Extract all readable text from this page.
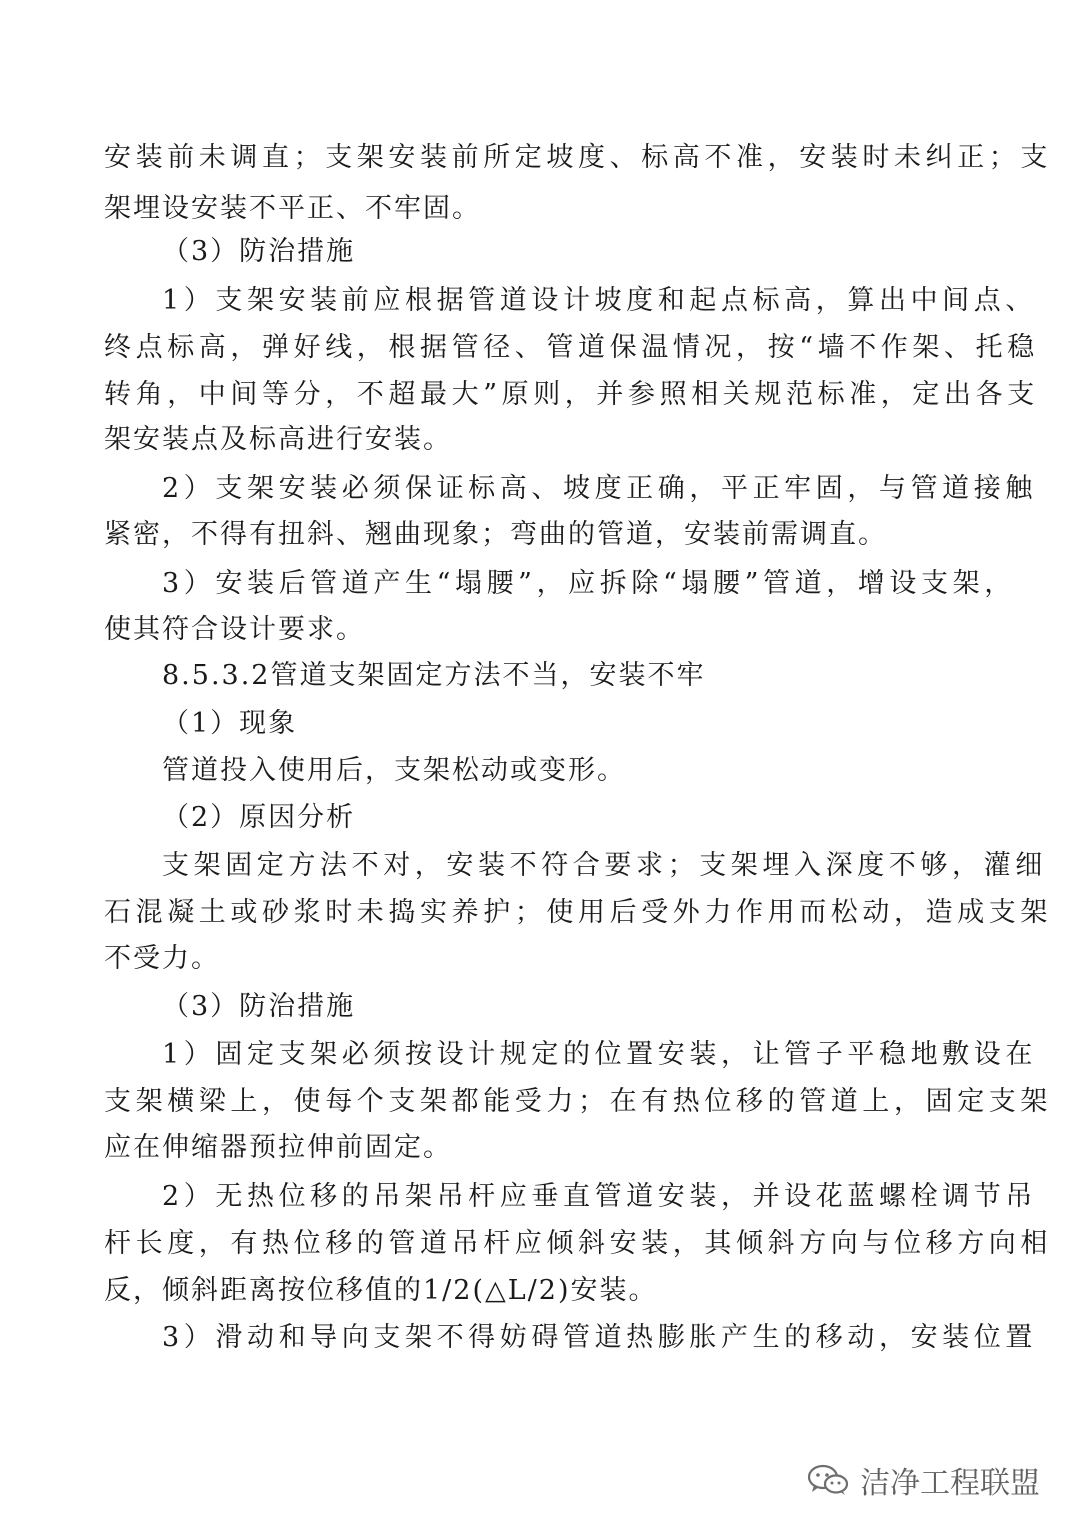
安装前未调直；支架安装前所定坡度、标高不准，安装时未纠正；支
架埋设安装不平正、不牢固。
（3）防治措施
1）支架安装前应根据管道设计坡度和起点标高，算出中间点、
终点标高，弹好线，根据管径、管道保温情况，按“墙不作架、托稳
转角，中间等分，不超最大”原则，并参照相关规范标准，定出各支
架安装点及标高进行安装。
2）支架安装必须保证标高、坡度正确，平正牢固，与管道接触
紧密，不得有扭斜、翘曲现象；弯曲的管道，安装前需调直。
3）安装后管道产生“塌腰”，应拆除“塌腰”管道，增设支架，
使其符合设计要求。
8.5.3.2管道支架固定方法不当，安装不牢
（1）现象
管道投入使用后，支架松动或变形。
（2）原因分析
支架固定方法不对，安装不符合要求；支架埋入深度不够，灌细
石混凝土或砂浆时未捣实养护；使用后受外力作用而松动，造成支架
不受力。
（3）防治措施
1）固定支架必须按设计规定的位置安装，让管子平稳地敷设在
支架横梁上，使每个支架都能受力；在有热位移的管道上，固定支架
应在伸缩器预拉伸前固定。
2）无热位移的吊架吊杆应垂直管道安装，并设花蓝螺栓调节吊
杆长度，有热位移的管道吊杆应倾斜安装，其倾斜方向与位移方向相
反，倾斜距离按位移值的1/2(△L/2)安装。
3）滑动和导向支架不得妨碍管道热膨胀产生的移动，安装位置
洁净工程联盟
